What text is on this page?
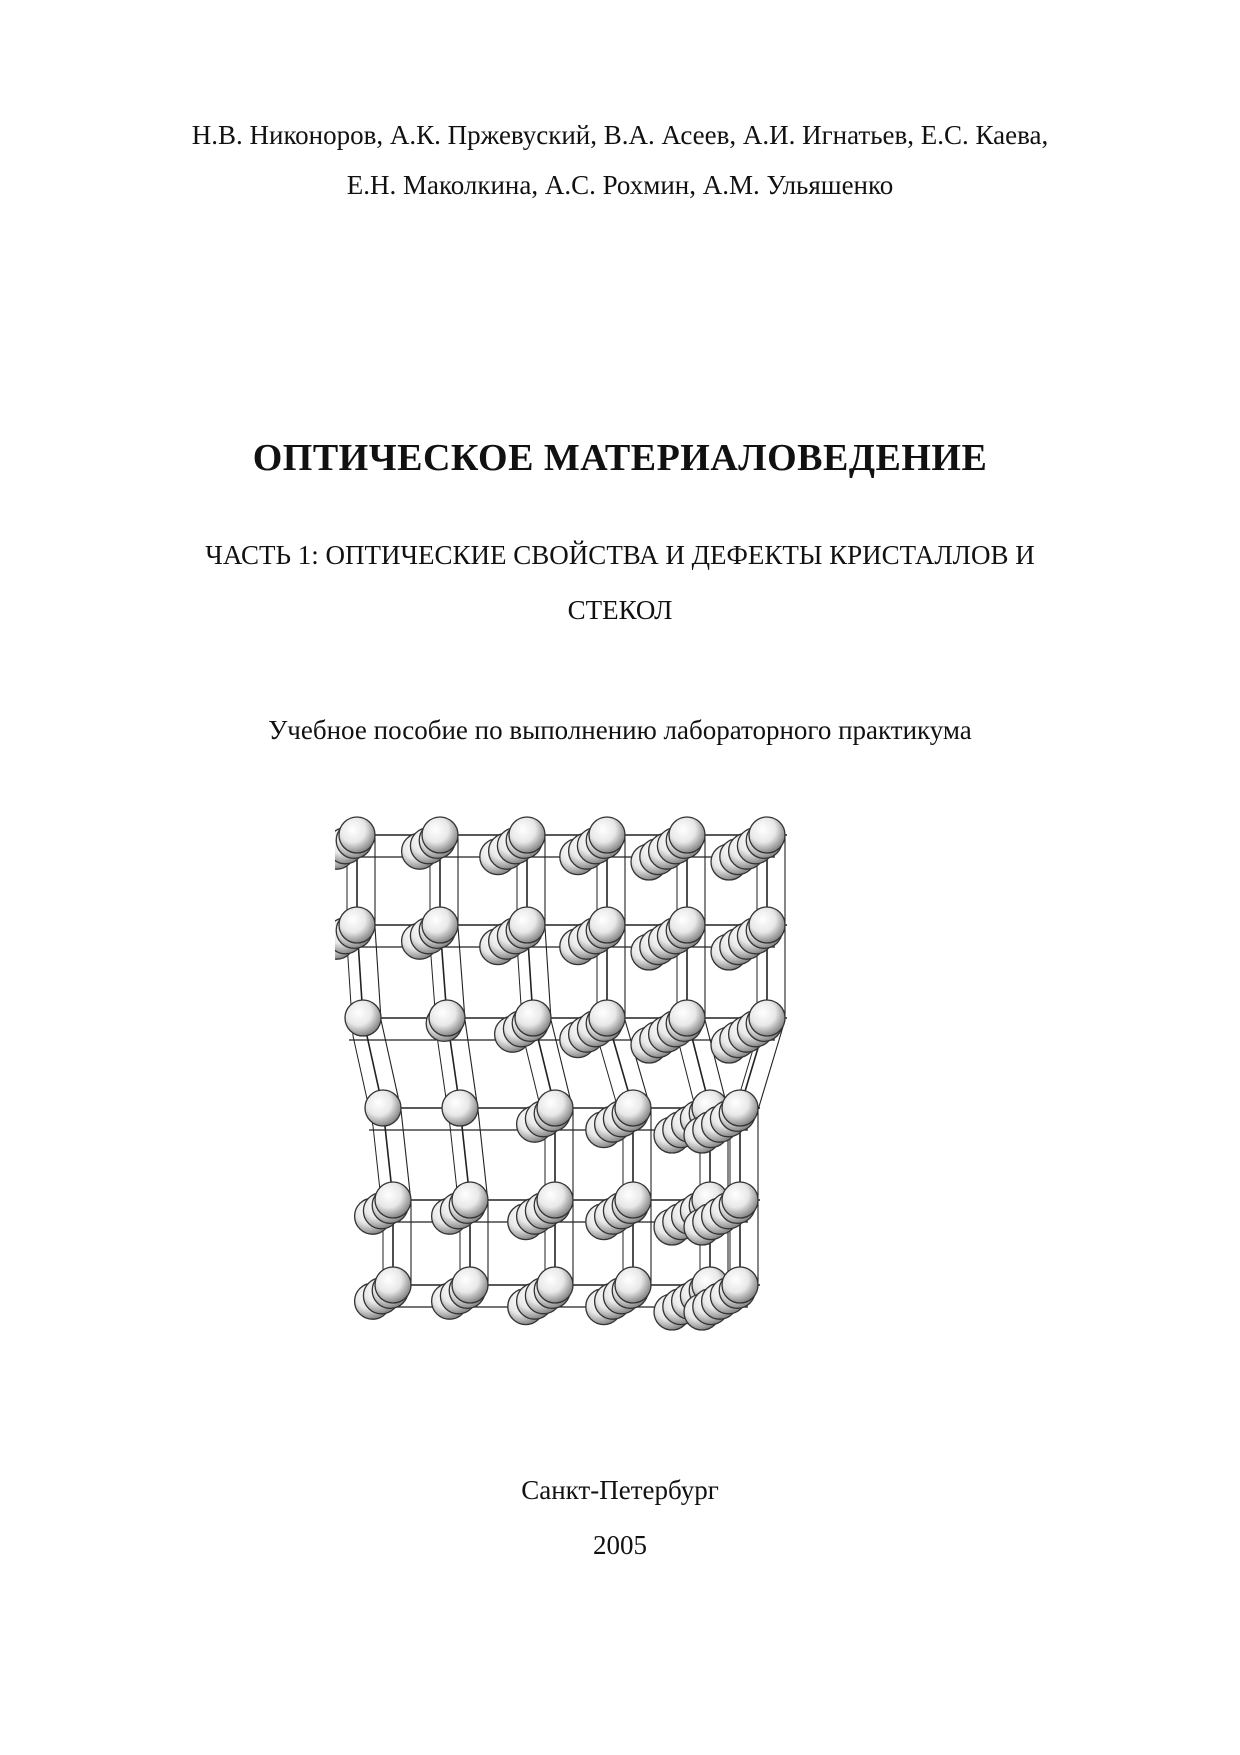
Н.В. Никоноров, А.К. Пржевуский, В.А. Асеев, А.И. Игнатьев, Е.С. Каева,
Е.Н. Маколкина, А.С. Рохмин, А.М. Ульяшенко
ОПТИЧЕСКОЕ МАТЕРИАЛОВЕДЕНИЕ
ЧАСТЬ 1: ОПТИЧЕСКИЕ СВОЙСТВА И ДЕФЕКТЫ КРИСТАЛЛОВ И
СТЕКОЛ
Учебное пособие по выполнению лабораторного практикума
Санкт-Петербург
2005
